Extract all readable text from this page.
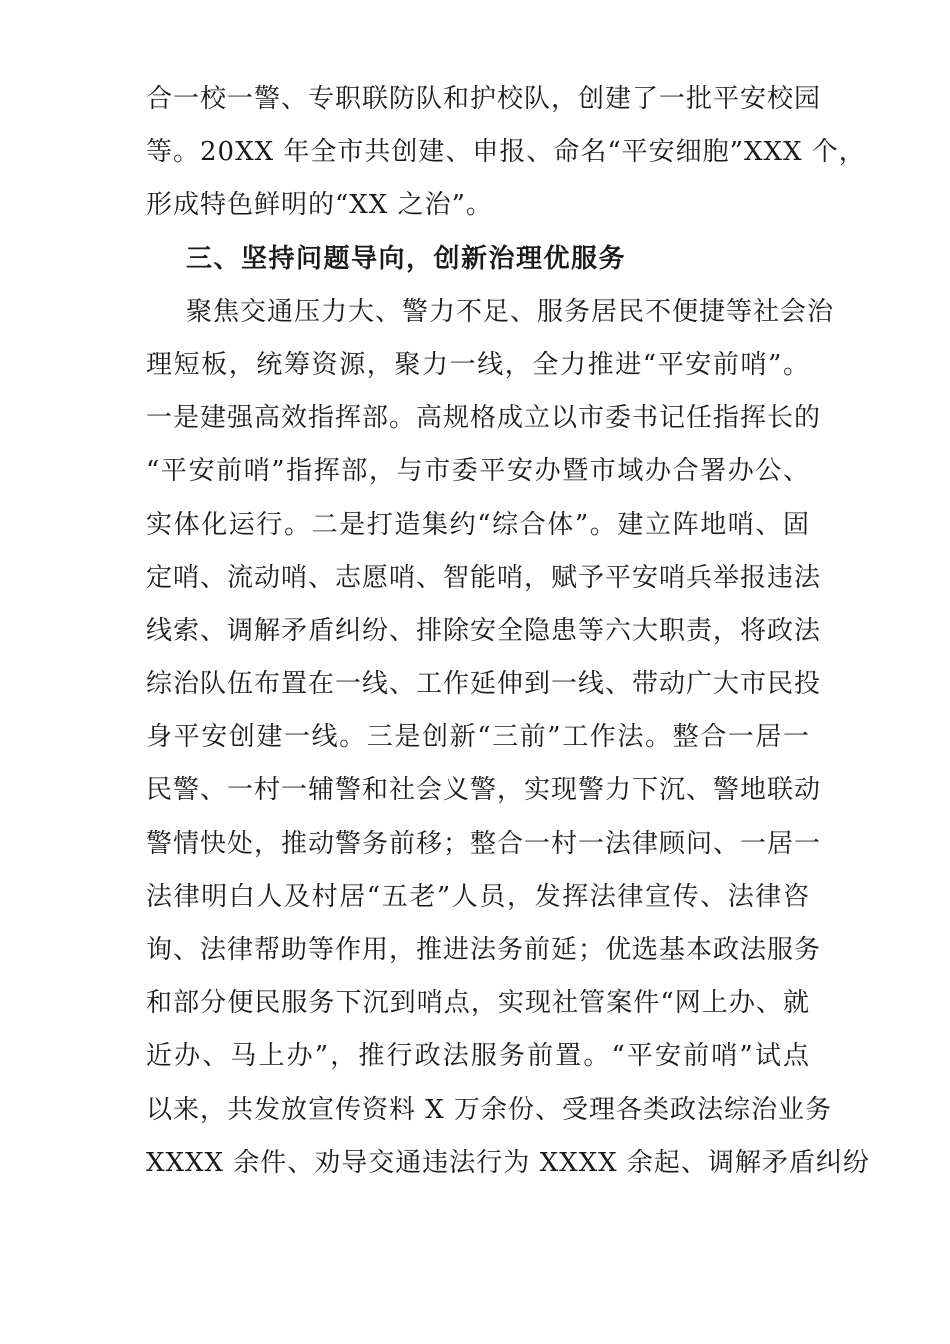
合一校一警、专职联防队和护校队，创建了一批平安校园
等。20XX 年全市共创建、申报、命名“平安细胞”XXX 个，
形成特色鲜明的“XX 之治”。
三、坚持问题导向，创新治理优服务
聚焦交通压力大、警力不足、服务居民不便捷等社会治
理短板，统筹资源，聚力一线，全力推进“平安前哨”。
一是建强高效指挥部。高规格成立以市委书记任指挥长的
“平安前哨”指挥部，与市委平安办暨市域办合署办公、
实体化运行。二是打造集约“综合体”。建立阵地哨、固
定哨、流动哨、志愿哨、智能哨，赋予平安哨兵举报违法
线索、调解矛盾纠纷、排除安全隐患等六大职责，将政法
综治队伍布置在一线、工作延伸到一线、带动广大市民投
身平安创建一线。三是创新“三前”工作法。整合一居一
民警、一村一辅警和社会义警，实现警力下沉、警地联动
警情快处，推动警务前移；整合一村一法律顾问、一居一
法律明白人及村居“五老”人员，发挥法律宣传、法律咨
询、法律帮助等作用，推进法务前延；优选基本政法服务
和部分便民服务下沉到哨点，实现社管案件“网上办、就
近办、马上办”，推行政法服务前置。“平安前哨”试点
以来，共发放宣传资料 X 万余份、受理各类政法综治业务
XXXX 余件、劝导交通违法行为 XXXX 余起、调解矛盾纠纷
